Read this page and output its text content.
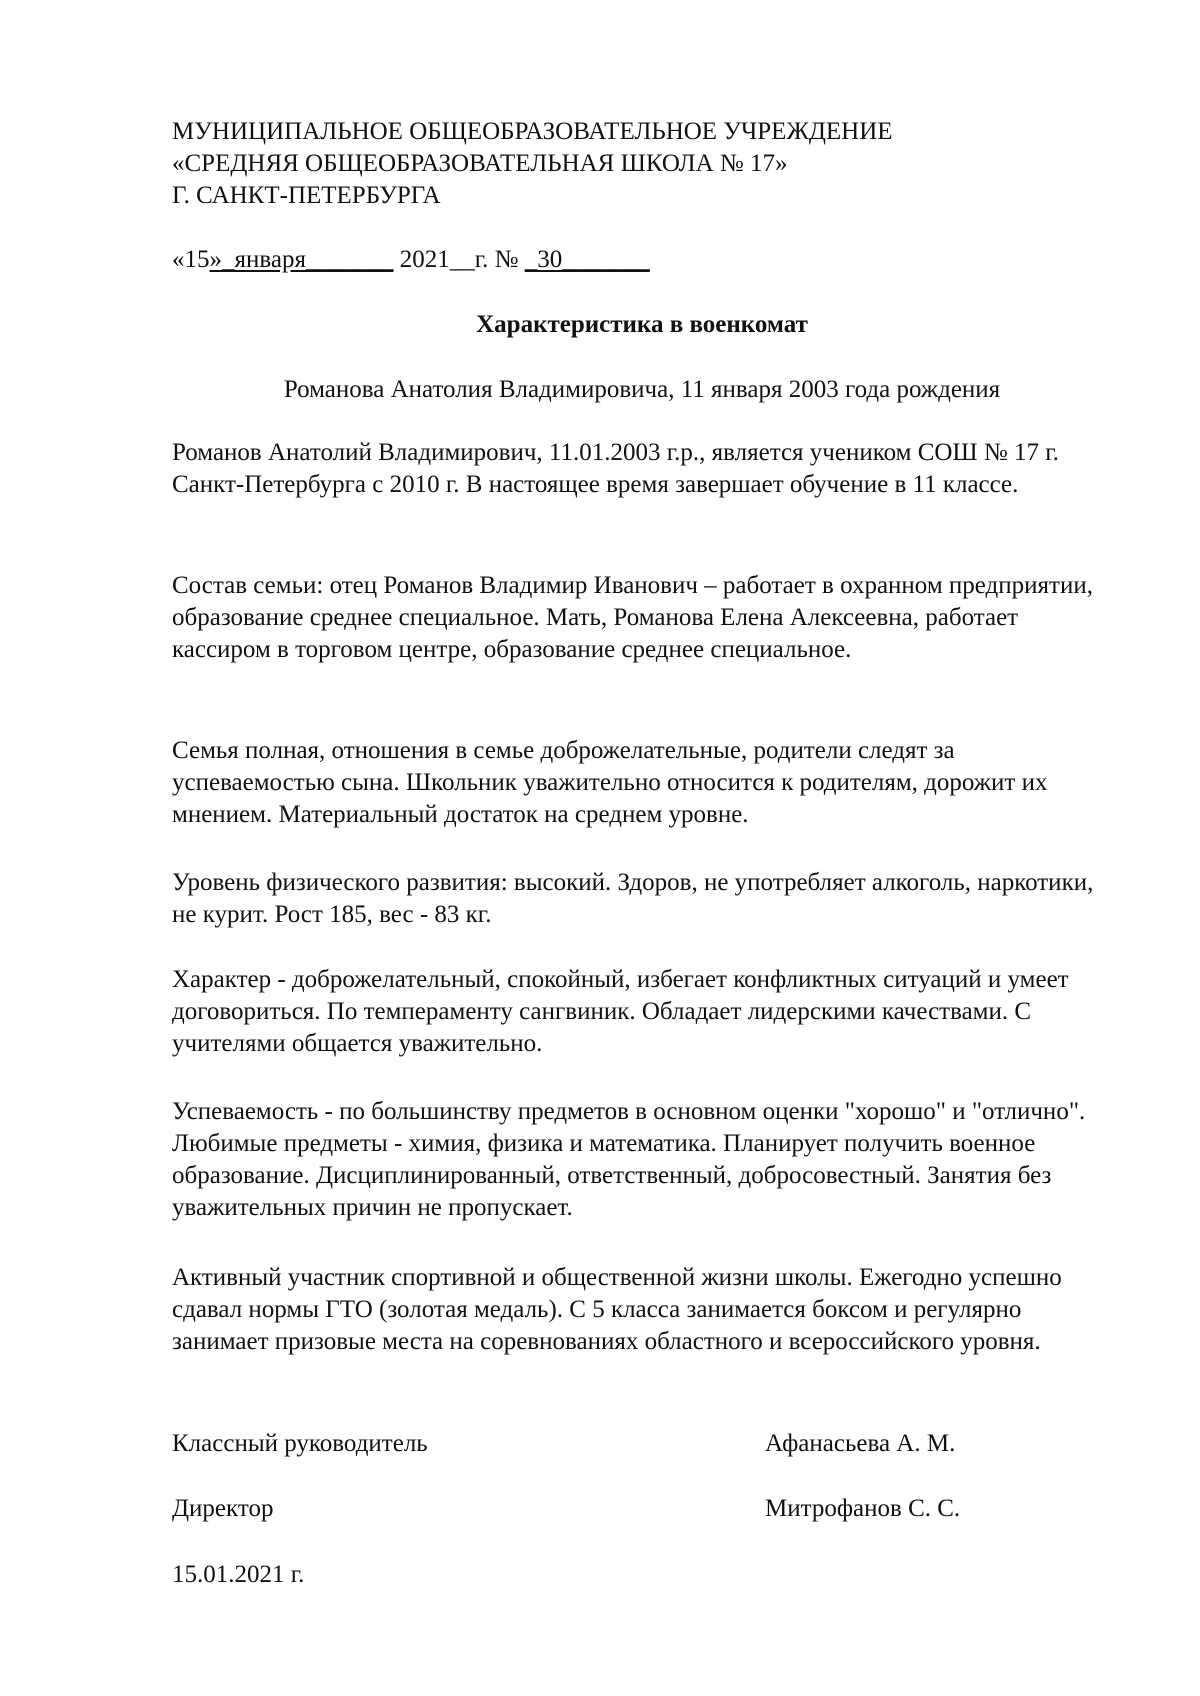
МУНИЦИПАЛЬНОЕ ОБЩЕОБРАЗОВАТЕЛЬНОЕ УЧРЕЖДЕНИЕ
«СРЕДНЯЯ ОБЩЕОБРАЗОВАТЕЛЬНАЯ ШКОЛА № 17»
Г. САНКТ-ПЕТЕРБУРГА
«15»_января_______ 2021__г. № _30_______
Характеристика в военкомат
Романова Анатолия Владимировича, 11 января 2003 года рождения

Романов Анатолий Владимирович, 11.01.2003 г.р., является учеником СОШ № 17 г. Санкт-Петербурга с 2010 г. В настоящее время завершает обучение в 11 классе.

Состав семьи: отец Романов Владимир Иванович – работает в охранном предприятии, образование среднее специальное. Мать, Романова Елена Алексеевна, работает кассиром в торговом центре, образование среднее специальное.

Семья полная, отношения в семье доброжелательные, родители следят за успеваемостью сына. Школьник уважительно относится к родителям, дорожит их мнением. Материальный достаток на среднем уровне.

Уровень физического развития: высокий. Здоров, не употребляет алкоголь, наркотики, не курит. Рост 185, вес - 83 кг.

Характер - доброжелательный, спокойный, избегает конфликтных ситуаций и умеет договориться. По темпераменту сангвиник. Обладает лидерскими качествами. С учителями общается уважительно.

Успеваемость - по большинству предметов в основном оценки "хорошо" и "отлично". Любимые предметы - химия, физика и математика. Планирует получить военное образование. Дисциплинированный, ответственный, добросовестный. Занятия без уважительных причин не пропускает.

Активный участник спортивной и общественной жизни школы. Ежегодно успешно сдавал нормы ГТО (золотая медаль). С 5 класса занимается боксом и регулярно занимает призовые места на соревнованиях областного и всероссийского уровня.

Классный руководитель	Афанасьева А. М.
Директор	Митрофанов С. С.
15.01.2021 г.
